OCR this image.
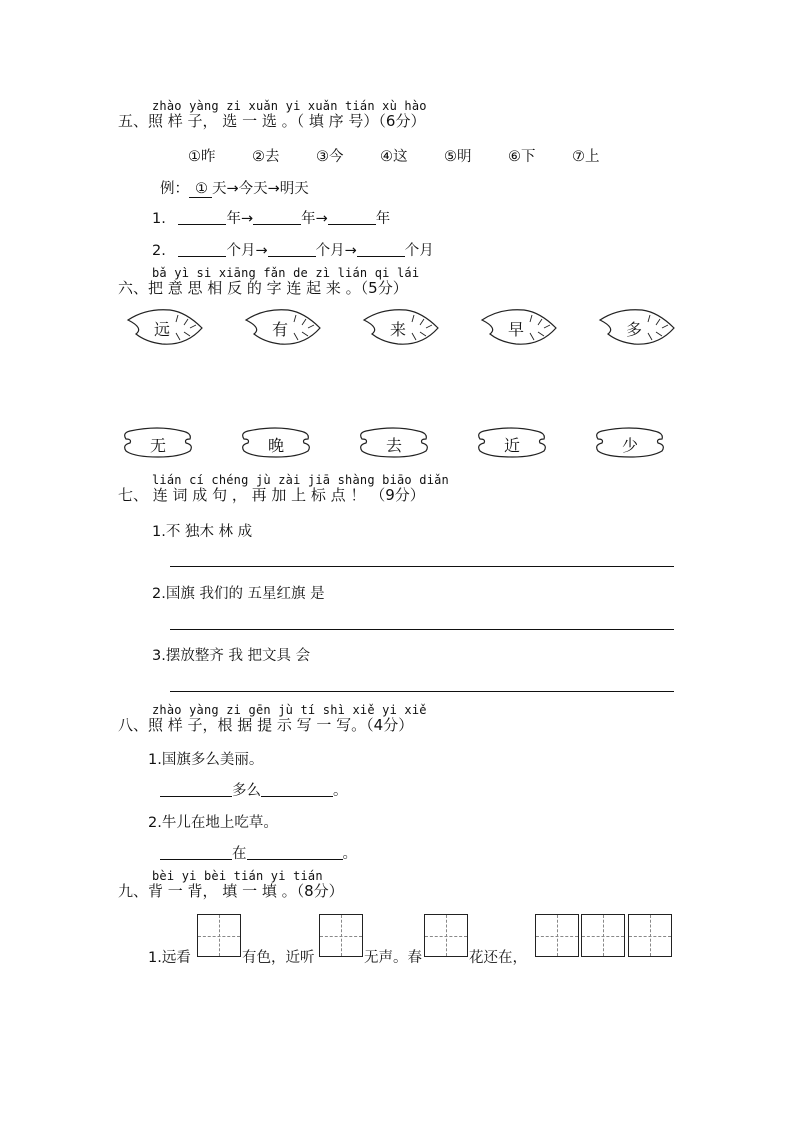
zhào yàng zi xuǎn yi xuǎn tián xù hào
五、照 样 子， 选 一 选 。（ 填 序 号）（6分）
①昨	②去	③今	④这	⑤明	⑥下	⑦上
例： ① 天→今天→明天
1.	年→	年→	年
2.	个月→	个月→	个月
bǎ yì si xiāng fǎn de zì lián qi lái
六、把 意 思 相 反 的 字 连 起 来 。（5分）
远	有	来	早	多
无	晚	去	近	少
lián cí chéng jù zài jiā shàng biāo diǎn
七、 连 词 成 句 ， 再 加 上 标 点 ！ （9分）
1.不 独木 林 成
2.国旗 我们的 五星红旗 是
3.摆放整齐 我 把文具 会
zhào yàng zi gēn jù tí shì xiě yi xiě
八、照 样 子，根 据 提 示 写 一 写。（4分）
1.国旗多么美丽。
多么	。
2.牛儿在地上吃草。
在	。
bèi yi bèi tián yi tián
九、背 一 背， 填 一 填 。（8分）
1.远看	有色，近听	无声。春	花还在，
